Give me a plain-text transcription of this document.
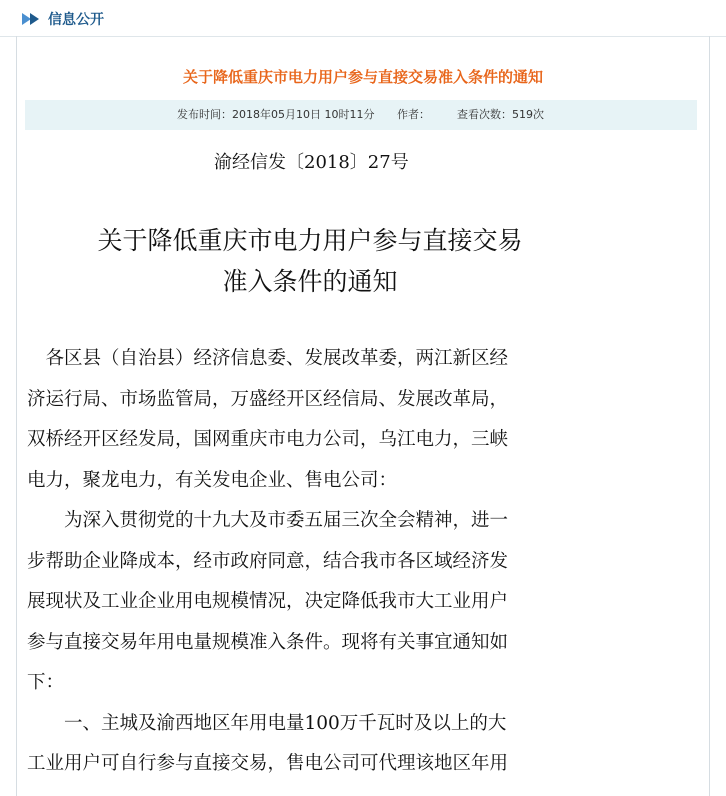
信息公开
关于降低重庆市电力用户参与直接交易准入条件的通知
发布时间：2018年05月10日 10时11分 作者： 查看次数：519次
渝经信发〔2018〕27号
关于降低重庆市电力用户参与直接交易
准入条件的通知
　各区县（自治县）经济信息委、发展改革委，两江新区经
济运行局、市场监管局，万盛经开区经信局、发展改革局，
双桥经开区经发局，国网重庆市电力公司，乌江电力，三峡
电力，聚龙电力，有关发电企业、售电公司：
　　为深入贯彻党的十九大及市委五届三次全会精神，进一
步帮助企业降成本，经市政府同意，结合我市各区域经济发
展现状及工业企业用电规模情况，决定降低我市大工业用户
参与直接交易年用电量规模准入条件。现将有关事宜通知如
下：
　　一、主城及渝西地区年用电量100万千瓦时及以上的大
工业用户可自行参与直接交易，售电公司可代理该地区年用
